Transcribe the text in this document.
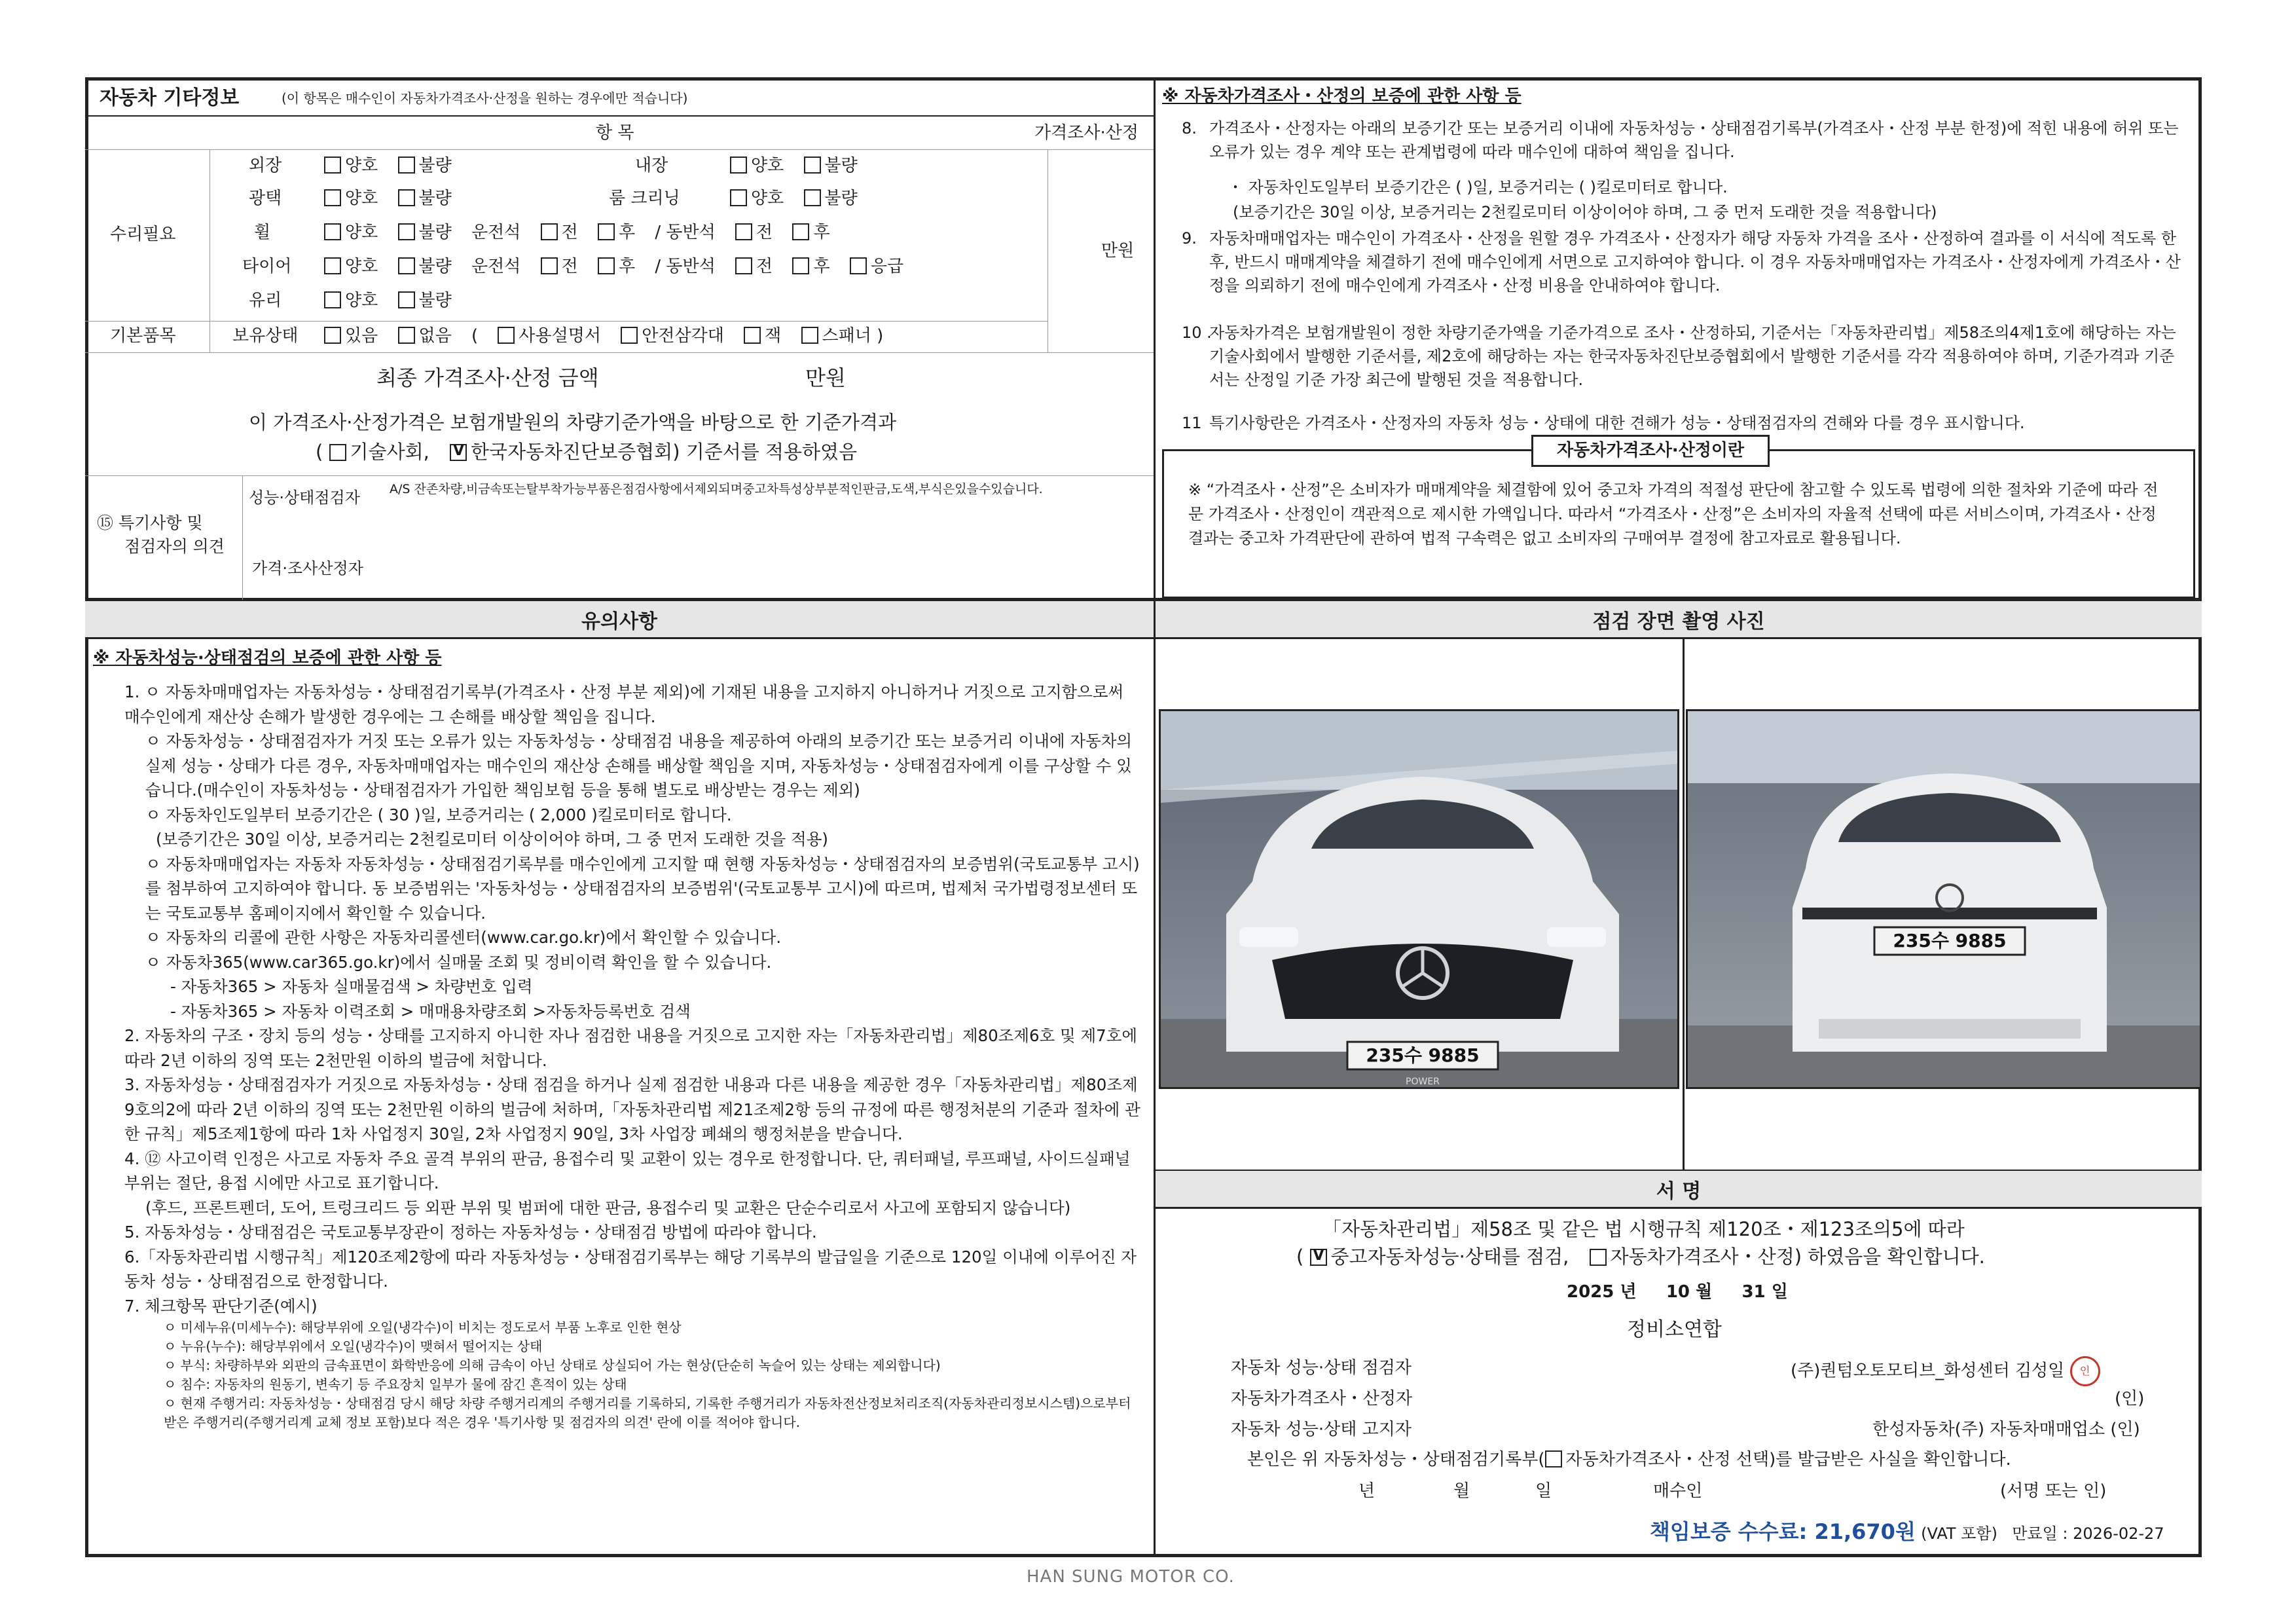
자동차 기타정보	(이 항목은 매수인이 자동차가격조사·산정을 원하는 경우에만 적습니다)
항 목	가격조사·산정
수리필요
만원
외장	양호 불량	내장	양호 불량
광택	양호 불량	룸 크리닝	양호 불량
휠	양호 불량 운전석 전 후 / 동반석 전 후
타이어	양호 불량 운전석 전 후 / 동반석 전 후 응급
유리	양호 불량
기본품목	보유상태	있음 없음 ( 사용설명서 안전삼각대 잭 스패너 )
최종 가격조사·산정 금액	만원
이 가격조사·산정가격은 보험개발원의 차량기준가액을 바탕으로 한 기준가격과
( 기술사회, V 한국자동차진단보증협회) 기준서를 적용하였음
⑮ 특기사항 및
점검자의 의견
성능·상태점검자 A/S 잔존차량,비금속또는탈부착가능부품은점검사항에서제외되며중고차특성상부분적인판금,도색,부식은있을수있습니다.
가격·조사산정자
※ 자동차가격조사・산정의 보증에 관한 사항 등
8. 가격조사・산정자는 아래의 보증기간 또는 보증거리 이내에 자동차성능・상태점검기록부(가격조사・산정 부분 한정)에 적힌 내용에 허위 또는 오류가 있는 경우 계약 또는 관계법령에 따라 매수인에 대하여 책임을 집니다.
・ 자동차인도일부터 보증기간은 ( )일, 보증거리는 ( )킬로미터로 합니다.
(보증기간은 30일 이상, 보증거리는 2천킬로미터 이상이어야 하며, 그 중 먼저 도래한 것을 적용합니다)
9. 자동차매매업자는 매수인이 가격조사・산정을 원할 경우 가격조사・산정자가 해당 자동차 가격을 조사・산정하여 결과를 이 서식에 적도록 한 후, 반드시 매매계약을 체결하기 전에 매수인에게 서면으로 고지하여야 합니다. 이 경우 자동차매매업자는 가격조사・산정자에게 가격조사・산정을 의뢰하기 전에 매수인에게 가격조사・산정 비용을 안내하여야 합니다.
10 .
자동차가격은 보험개발원이 정한 차량기준가액을 기준가격으로 조사・산정하되, 기준서는「자동차관리법」제58조의4제1호에 해당하는 자는 기술사회에서 발행한 기준서를, 제2호에 해당하는 자는 한국자동차진단보증협회에서 발행한 기준서를 각각 적용하여야 하며, 기준가격과 기준서는 산정일 기준 가장 최근에 발행된 것을 적용합니다.
11 특기사항란은 가격조사・산정자의 자동차 성능・상태에 대한 견해가 성능・상태점검자의 견해와 다를 경우 표시합니다.
자동차가격조사·산정이란
※ “가격조사・산정”은 소비자가 매매계약을 체결함에 있어 중고차 가격의 적절성 판단에 참고할 수 있도록 법령에 의한 절차와 기준에 따라 전문 가격조사・산정인이 객관적으로 제시한 가액입니다. 따라서 “가격조사・산정”은 소비자의 자율적 선택에 따른 서비스이며, 가격조사・산정 결과는 중고차 가격판단에 관하여 법적 구속력은 없고 소비자의 구매여부 결정에 참고자료로 활용됩니다.
유의사항
※ 자동차성능·상태점검의 보증에 관한 사항 등
1. ㅇ 자동차매매업자는 자동차성능・상태점검기록부(가격조사・산정 부분 제외)에 기재된 내용을 고지하지 아니하거나 거짓으로 고지함으로써 매수인에게 재산상 손해가 발생한 경우에는 그 손해를 배상할 책임을 집니다.
ㅇ 자동차성능・상태점검자가 거짓 또는 오류가 있는 자동차성능・상태점검 내용을 제공하여 아래의 보증기간 또는 보증거리 이내에 자동차의 실제 성능・상태가 다른 경우, 자동차매매업자는 매수인의 재산상 손해를 배상할 책임을 지며, 자동차성능・상태점검자에게 이를 구상할 수 있습니다.(매수인이 자동차성능・상태점검자가 가입한 책임보험 등을 통해 별도로 배상받는 경우는 제외)
ㅇ 자동차인도일부터 보증기간은 ( 30 )일, 보증거리는 ( 2,000 )킬로미터로 합니다.
(보증기간은 30일 이상, 보증거리는 2천킬로미터 이상이어야 하며, 그 중 먼저 도래한 것을 적용)
ㅇ 자동차매매업자는 자동차 자동차성능・상태점검기록부를 매수인에게 고지할 때 현행 자동차성능・상태점검자의 보증범위(국토교통부 고시)를 첨부하여 고지하여야 합니다. 동 보증범위는 '자동차성능・상태점검자의 보증범위'(국토교통부 고시)에 따르며, 법제처 국가법령정보센터 또는 국토교통부 홈페이지에서 확인할 수 있습니다.
ㅇ 자동차의 리콜에 관한 사항은 자동차리콜센터(www.car.go.kr)에서 확인할 수 있습니다.
ㅇ 자동차365(www.car365.go.kr)에서 실매물 조회 및 정비이력 확인을 할 수 있습니다.
- 자동차365 > 자동차 실매물검색 > 차량번호 입력
- 자동차365 > 자동차 이력조회 > 매매용차량조회 >자동차등록번호 검색
2. 자동차의 구조・장치 등의 성능・상태를 고지하지 아니한 자나 점검한 내용을 거짓으로 고지한 자는「자동차관리법」제80조제6호 및 제7호에 따라 2년 이하의 징역 또는 2천만원 이하의 벌금에 처합니다.
3. 자동차성능・상태점검자가 거짓으로 자동차성능・상태 점검을 하거나 실제 점검한 내용과 다른 내용을 제공한 경우「자동차관리법」제80조제9호의2에 따라 2년 이하의 징역 또는 2천만원 이하의 벌금에 처하며,「자동차관리법 제21조제2항 등의 규정에 따른 행정처분의 기준과 절차에 관한 규칙」제5조제1항에 따라 1차 사업정지 30일, 2차 사업정지 90일, 3차 사업장 폐쇄의 행정처분을 받습니다.
4. ⑫ 사고이력 인정은 사고로 자동차 주요 골격 부위의 판금, 용접수리 및 교환이 있는 경우로 한정합니다. 단, 쿼터패널, 루프패널, 사이드실패널 부위는 절단, 용접 시에만 사고로 표기합니다.
(후드, 프론트펜더, 도어, 트렁크리드 등 외판 부위 및 범퍼에 대한 판금, 용접수리 및 교환은 단순수리로서 사고에 포함되지 않습니다)
5. 자동차성능・상태점검은 국토교통부장관이 정하는 자동차성능・상태점검 방법에 따라야 합니다.
6.「자동차관리법 시행규칙」제120조제2항에 따라 자동차성능・상태점검기록부는 해당 기록부의 발급일을 기준으로 120일 이내에 이루어진 자동차 성능・상태점검으로 한정합니다.
7. 체크항목 판단기준(예시)
ㅇ 미세누유(미세누수): 해당부위에 오일(냉각수)이 비치는 정도로서 부품 노후로 인한 현상
ㅇ 누유(누수): 해당부위에서 오일(냉각수)이 맺혀서 떨어지는 상태
ㅇ 부식: 차량하부와 외판의 금속표면이 화학반응에 의해 금속이 아닌 상태로 상실되어 가는 현상(단순히 녹슬어 있는 상태는 제외합니다)
ㅇ 침수: 자동차의 원동기, 변속기 등 주요장치 일부가 물에 잠긴 흔적이 있는 상태
ㅇ 현재 주행거리: 자동차성능・상태점검 당시 해당 차량 주행거리계의 주행거리를 기록하되, 기록한 주행거리가 자동차전산정보처리조직(자동차관리정보시스템)으로부터 받은 주행거리(주행거리계 교체 정보 포함)보다 적은 경우 '특기사항 및 점검자의 의견' 란에 이를 적어야 합니다.
점검 장면 촬영 사진
235수 9885
POWER
235수 9885
서 명
「자동차관리법」제58조 및 같은 법 시행규칙 제120조・제123조의5에 따라
( V 중고자동차성능·상태를 점검, 자동차가격조사・산정) 하였음을 확인합니다.
2025 년 10 월 31 일
정비소연합
자동차 성능·상태 점검자	(주)퀀텀오토모티브_화성센터 김성일 인
자동차가격조사・산정자	(인)
자동차 성능·상태 고지자	한성자동차(주) 자동차매매업소 (인)
본인은 위 자동차성능・상태점검기록부( 자동차가격조사・산정 선택)를 발급받은 사실을 확인합니다.
년	월	일	매수인	(서명 또는 인)
책임보증 수수료: 21,670원 (VAT 포함) 만료일 : 2026-02-27
HAN SUNG MOTOR CO.
